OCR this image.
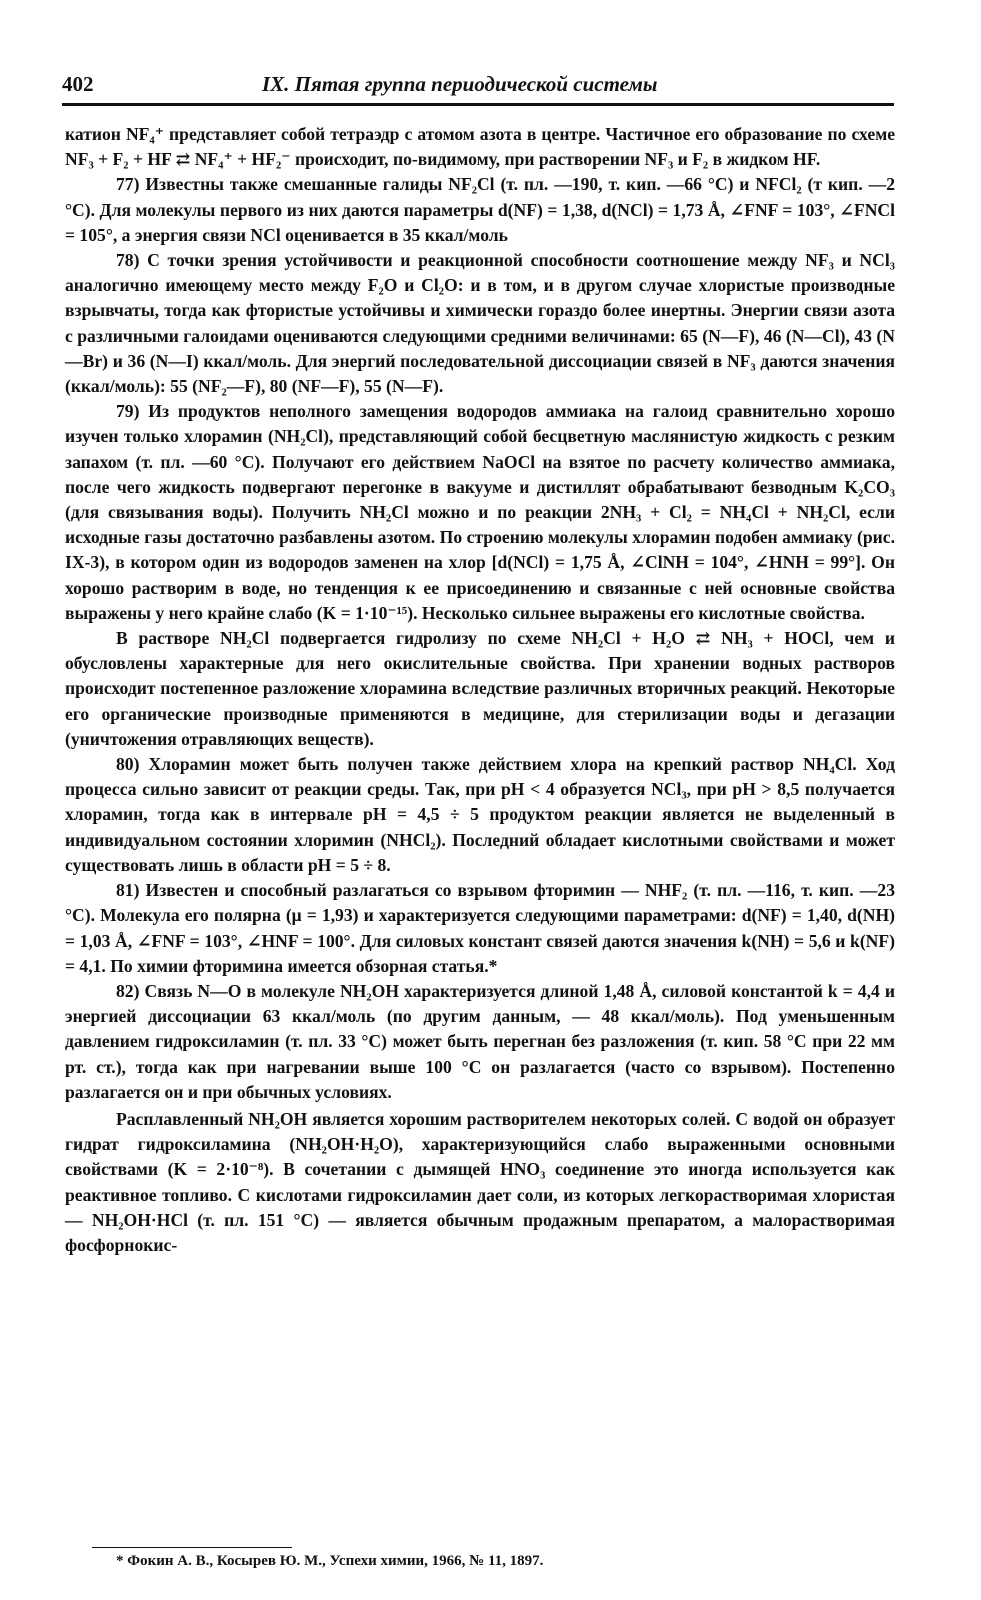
402	IX. Пятая группа периодической системы

катион NF₄⁺ представляет собой тетраэдр с атомом азота в центре. Частичное его образование по схеме NF₃ + F₂ + HF ⇄ NF₄⁺ + HF₂⁻ происходит, по-видимому, при растворении NF₃ и F₂ в жидком HF.

77) Известны также смешанные галиды NF₂Cl (т. пл. —190, т. кип. —66 °С) и NFCl₂ (т кип. —2 °С). Для молекулы первого из них даются параметры d(NF) = 1,38, d(NCl) = 1,73 Å, ∠FNF = 103°, ∠FNCl = 105°, а энергия связи NCl оценивается в 35 ккал/моль

78) С точки зрения устойчивости и реакционной способности соотношение между NF₃ и NCl₃ аналогично имеющему место между F₂O и Cl₂O: и в том, и в другом случае хлористые производные взрывчаты, тогда как фтористые устойчивы и химически гораздо более инертны. Энергии связи азота с различными галоидами оцениваются следующими средними величинами: 65 (N—F), 46 (N—Cl), 43 (N—Br) и 36 (N—I) ккал/моль. Для энергий последовательной диссоциации связей в NF₃ даются значения (ккал/моль): 55 (NF₂—F), 80 (NF—F), 55 (N—F).

79) Из продуктов неполного замещения водородов аммиака на галоид сравнительно хорошо изучен только хлорамин (NH₂Cl), представляющий собой бесцветную маслянистую жидкость с резким запахом (т. пл. —60 °С). Получают его действием NaOCl на взятое по расчету количество аммиака, после чего жидкость подвергают перегонке в вакууме и дистиллят обрабатывают безводным K₂CO₃ (для связывания воды). Получить NH₂Cl можно и по реакции 2NH₃ + Cl₂ = NH₄Cl + NH₂Cl, если исходные газы достаточно разбавлены азотом. По строению молекулы хлорамин подобен аммиаку (рис. IX-3), в котором один из водородов заменен на хлор [d(NCl) = 1,75 Å, ∠ClNH = 104°, ∠HNH = 99°]. Он хорошо растворим в воде, но тенденция к ее присоединению и связанные с ней основные свойства выражены у него крайне слабо (K = 1·10⁻¹⁵). Несколько сильнее выражены его кислотные свойства.

В растворе NH₂Cl подвергается гидролизу по схеме NH₂Cl + H₂O ⇄ NH₃ + HOCl, чем и обусловлены характерные для него окислительные свойства. При хранении водных растворов происходит постепенное разложение хлорамина вследствие различных вторичных реакций. Некоторые его органические производные применяются в медицине, для стерилизации воды и дегазации (уничтожения отравляющих веществ).

80) Хлорамин может быть получен также действием хлора на крепкий раствор NH₄Cl. Ход процесса сильно зависит от реакции среды. Так, при pH < 4 образуется NCl₃, при pH > 8,5 получается хлорамин, тогда как в интервале pH = 4,5 ÷ 5 продуктом реакции является не выделенный в индивидуальном состоянии хлоримин (NHCl₂). Последний обладает кислотными свойствами и может существовать лишь в области pH = 5 ÷ 8.

81) Известен и способный разлагаться со взрывом фторимин — NHF₂ (т. пл. —116, т. кип. —23 °С). Молекула его полярна (μ = 1,93) и характеризуется следующими параметрами: d(NF) = 1,40, d(NH) = 1,03 Å, ∠FNF = 103°, ∠HNF = 100°. Для силовых констант связей даются значения k(NH) = 5,6 и k(NF) = 4,1. По химии фторимина имеется обзорная статья.*

82) Связь N—O в молекуле NH₂OH характеризуется длиной 1,48 Å, силовой константой k = 4,4 и энергией диссоциации 63 ккал/моль (по другим данным, — 48 ккал/моль). Под уменьшенным давлением гидроксиламин (т. пл. 33 °С) может быть перегнан без разложения (т. кип. 58 °С при 22 мм рт. ст.), тогда как при нагревании выше 100 °С он разлагается (часто со взрывом). Постепенно разлагается он и при обычных условиях.

Расплавленный NH₂OH является хорошим растворителем некоторых солей. С водой он образует гидрат гидроксиламина (NH₂OH·H₂O), характеризующийся слабо выраженными основными свойствами (K = 2·10⁻⁸). В сочетании с дымящей HNO₃ соединение это иногда используется как реактивное топливо. С кислотами гидроксиламин дает соли, из которых легкорастворимая хлористая — NH₂OH·HCl (т. пл. 151 °С) — является обычным продажным препаратом, а малорастворимая фосфорнокис-

* Фокин А. В., Косырев Ю. М., Успехи химии, 1966, № 11, 1897.
